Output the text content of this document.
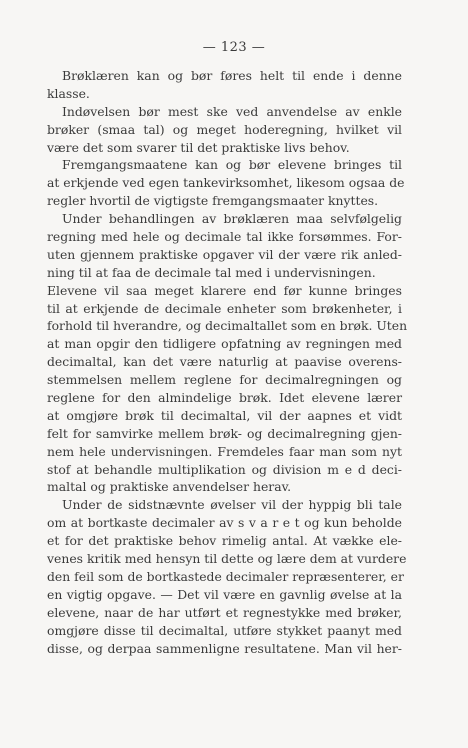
— 123 —
Brøklæren kan og bør føres helt til ende i denne
klasse.
Indøvelsen bør mest ske ved anvendelse av enkle
brøker (smaa tal) og meget hoderegning, hvilket vil
være det som svarer til det praktiske livs behov.
Fremgangsmaatene kan og bør elevene bringes til
at erkjende ved egen tankevirksomhet, likesom ogsaa de
regler hvortil de vigtigste fremgangsmaater knyttes.
Under behandlingen av brøklæren maa selvfølgelig
regning med hele og decimale tal ikke forsømmes. For-
uten gjennem praktiske opgaver vil der være rik anled-
ning til at faa de decimale tal med i undervisningen.
Elevene vil saa meget klarere end før kunne bringes
til at erkjende de decimale enheter som brøkenheter, i
forhold til hverandre, og decimaltallet som en brøk. Uten
at man opgir den tidligere opfatning av regningen med
decimaltal, kan det være naturlig at paavise overens-
stemmelsen mellem reglene for decimalregningen og
reglene for den almindelige brøk. Idet elevene lærer
at omgjøre brøk til decimaltal, vil der aapnes et vidt
felt for samvirke mellem brøk- og decimalregning gjen-
nem hele undervisningen. Fremdeles faar man som nyt
stof at behandle multiplikation og division m e d deci-
maltal og praktiske anvendelser herav.
Under de sidstnævnte øvelser vil der hyppig bli tale
om at bortkaste decimaler av s v a r e t og kun beholde
et for det praktiske behov rimelig antal. At vække ele-
venes kritik med hensyn til dette og lære dem at vurdere
den feil som de bortkastede decimaler repræsenterer, er
en vigtig opgave. — Det vil være en gavnlig øvelse at la
elevene, naar de har utført et regnestykke med brøker,
omgjøre disse til decimaltal, utføre stykket paanyt med
disse, og derpaa sammenligne resultatene. Man vil her-
